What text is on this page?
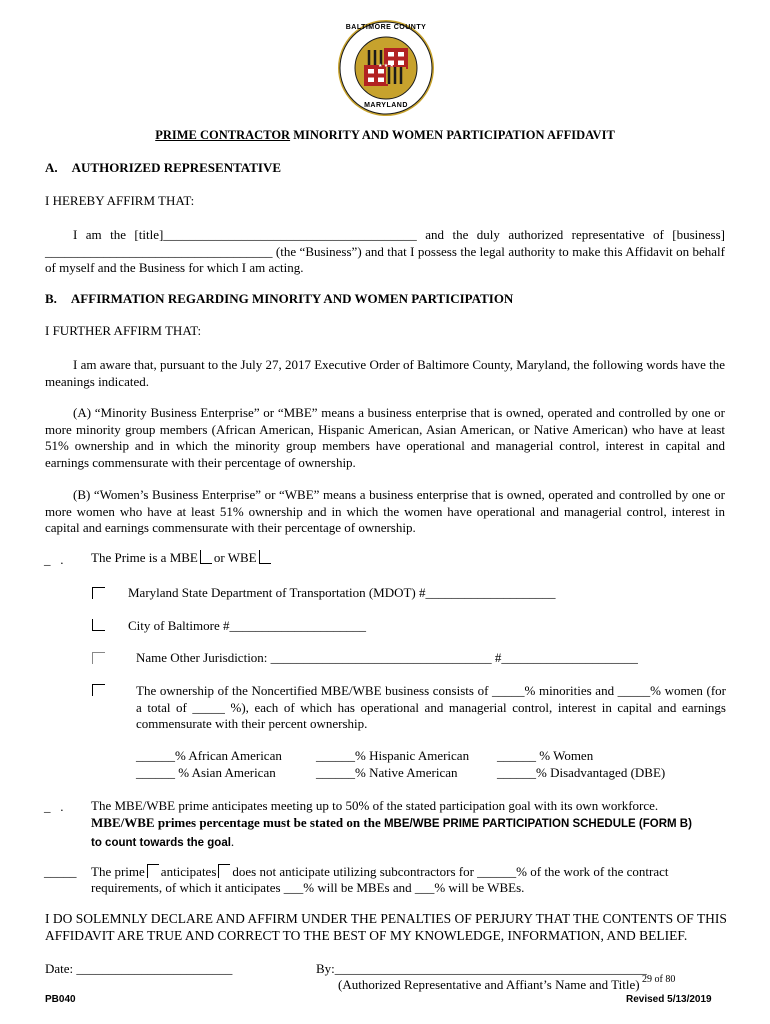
★ ★ ★
BALTIMORE COUNTY
MARYLAND
PRIME CONTRACTOR MINORITY AND WOMEN PARTICIPATION AFFIDAVIT
A. AUTHORIZED REPRESENTATIVE
I HEREBY AFFIRM THAT:
I am the [title]_______________________________________ and the duly authorized representative of [business] ___________________________________ (the “Business”) and that I possess the legal authority to make this Affidavit on behalf of myself and the Business for which I am acting.
B. AFFIRMATION REGARDING MINORITY AND WOMEN PARTICIPATION
I FURTHER AFFIRM THAT:
I am aware that, pursuant to the July 27, 2017 Executive Order of Baltimore County, Maryland, the following words have the meanings indicated.
(A) “Minority Business Enterprise” or “MBE” means a business enterprise that is owned, operated and controlled by one or more minority group members (African American, Hispanic American, Asian American, or Native American) who have at least 51% ownership and in which the minority group members have operational and managerial control, interest in capital and earnings commensurate with their percentage of ownership.
(B) “Women’s Business Enterprise” or “WBE” means a business enterprise that is owned, operated and controlled by one or more women who have at least 51% ownership and in which the women have operational and managerial control, interest in capital and earnings commensurate with their percentage of ownership.
_   .	The Prime is a MBE or WBE
Maryland State Department of Transportation (MDOT) #____________________
City of Baltimore #_____________________
Name Other Jurisdiction: __________________________________ #_____________________
The ownership of the Noncertified MBE/WBE business consists of _____% minorities and _____% women (for a total of _____ %), each of which has operational and managerial control, interest in capital and earnings commensurate with their percent ownership.
______% African American	______% Hispanic American ______ % Women
______ % Asian American	______% Native American	______% Disadvantaged (DBE)
_   . The MBE/WBE prime anticipates meeting up to 50% of the stated participation goal with its own workforce.
MBE/WBE primes percentage must be stated on the MBE/WBE PRIME PARTICIPATION SCHEDULE (FORM B)
to count towards the goal.
_____ The prime anticipates does not anticipate utilizing subcontractors for ______% of the work of the contract
requirements, of which it anticipates ___% will be MBEs and ___% will be WBEs.
I DO SOLEMNLY DECLARE AND AFFIRM UNDER THE PENALTIES OF PERJURY THAT THE CONTENTS OF THIS AFFIDAVIT ARE TRUE AND CORRECT TO THE BEST OF MY KNOWLEDGE, INFORMATION, AND BELIEF.
Date: ________________________	By:________________________________________________
29 of 80
(Authorized Representative and Affiant’s Name and Title)
PB040	Revised 5/13/2019
